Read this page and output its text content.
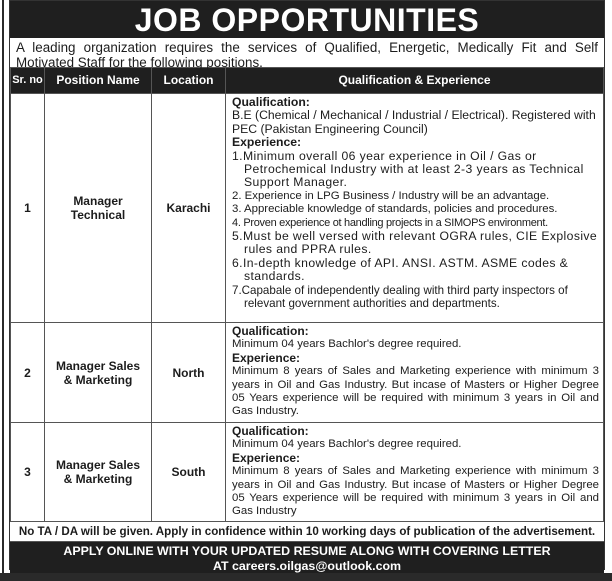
JOB OPPORTUNITIES
A leading organization requires the services of Qualified, Energetic, Medically Fit and Self Motivated Staff for the following positions.
Sr. no	Position Name	Location	Qualification & Experience
1	Manager Technical	Karachi	
Qualification:
B.E (Chemical / Mechanical / Industrial / Electrical). Registered with PEC (Pakistan Engineering Council)
Experience:
1.Minimum overall 06 year experience in Oil / Gas or Petrochemical Industry with at least 2-3 years as Technical Support Manager.
2. Experience in LPG Business / Industry will be an advantage.
3. Appreciable knowledge of standards, policies and procedures.
4. Proven experience ot handling projects in a SIMOPS environment.
5.Must be well versed with relevant OGRA rules, CIE Explosive rules and PPRA rules.
6.In-depth knowledge of API. ANSI. ASTM. ASME codes & standards.
7.Capabale of independently dealing with third party inspectors of relevant government authorities and departments.

2	Manager Sales & Marketing	North	Qualification:
Minimum 04 years Bachlor's degree required.
Experience:
Minimum 8 years of Sales and Marketing experience with minimum 3 years in Oil and Gas Industry. But incase of Masters or Higher Degree 05 Years experience will be required with minimum 3 years in Oil and Gas Industry.

3	Manager Sales & Marketing	South	Qualification:
Minimum 04 years Bachlor's degree required.
Experience:
Minimum 8 years of Sales and Marketing experience with minimum 3 years in Oil and Gas Industry. But incase of Masters or Higher Degree 05 Years experience will be required with minimum 3 years in Oil and Gas Industry
No TA / DA will be given. Apply in confidence within 10 working days of publication of the advertisement.
APPLY ONLINE WITH YOUR UPDATED RESUME ALONG WITH COVERING LETTER
AT careers.oilgas@outlook.com
